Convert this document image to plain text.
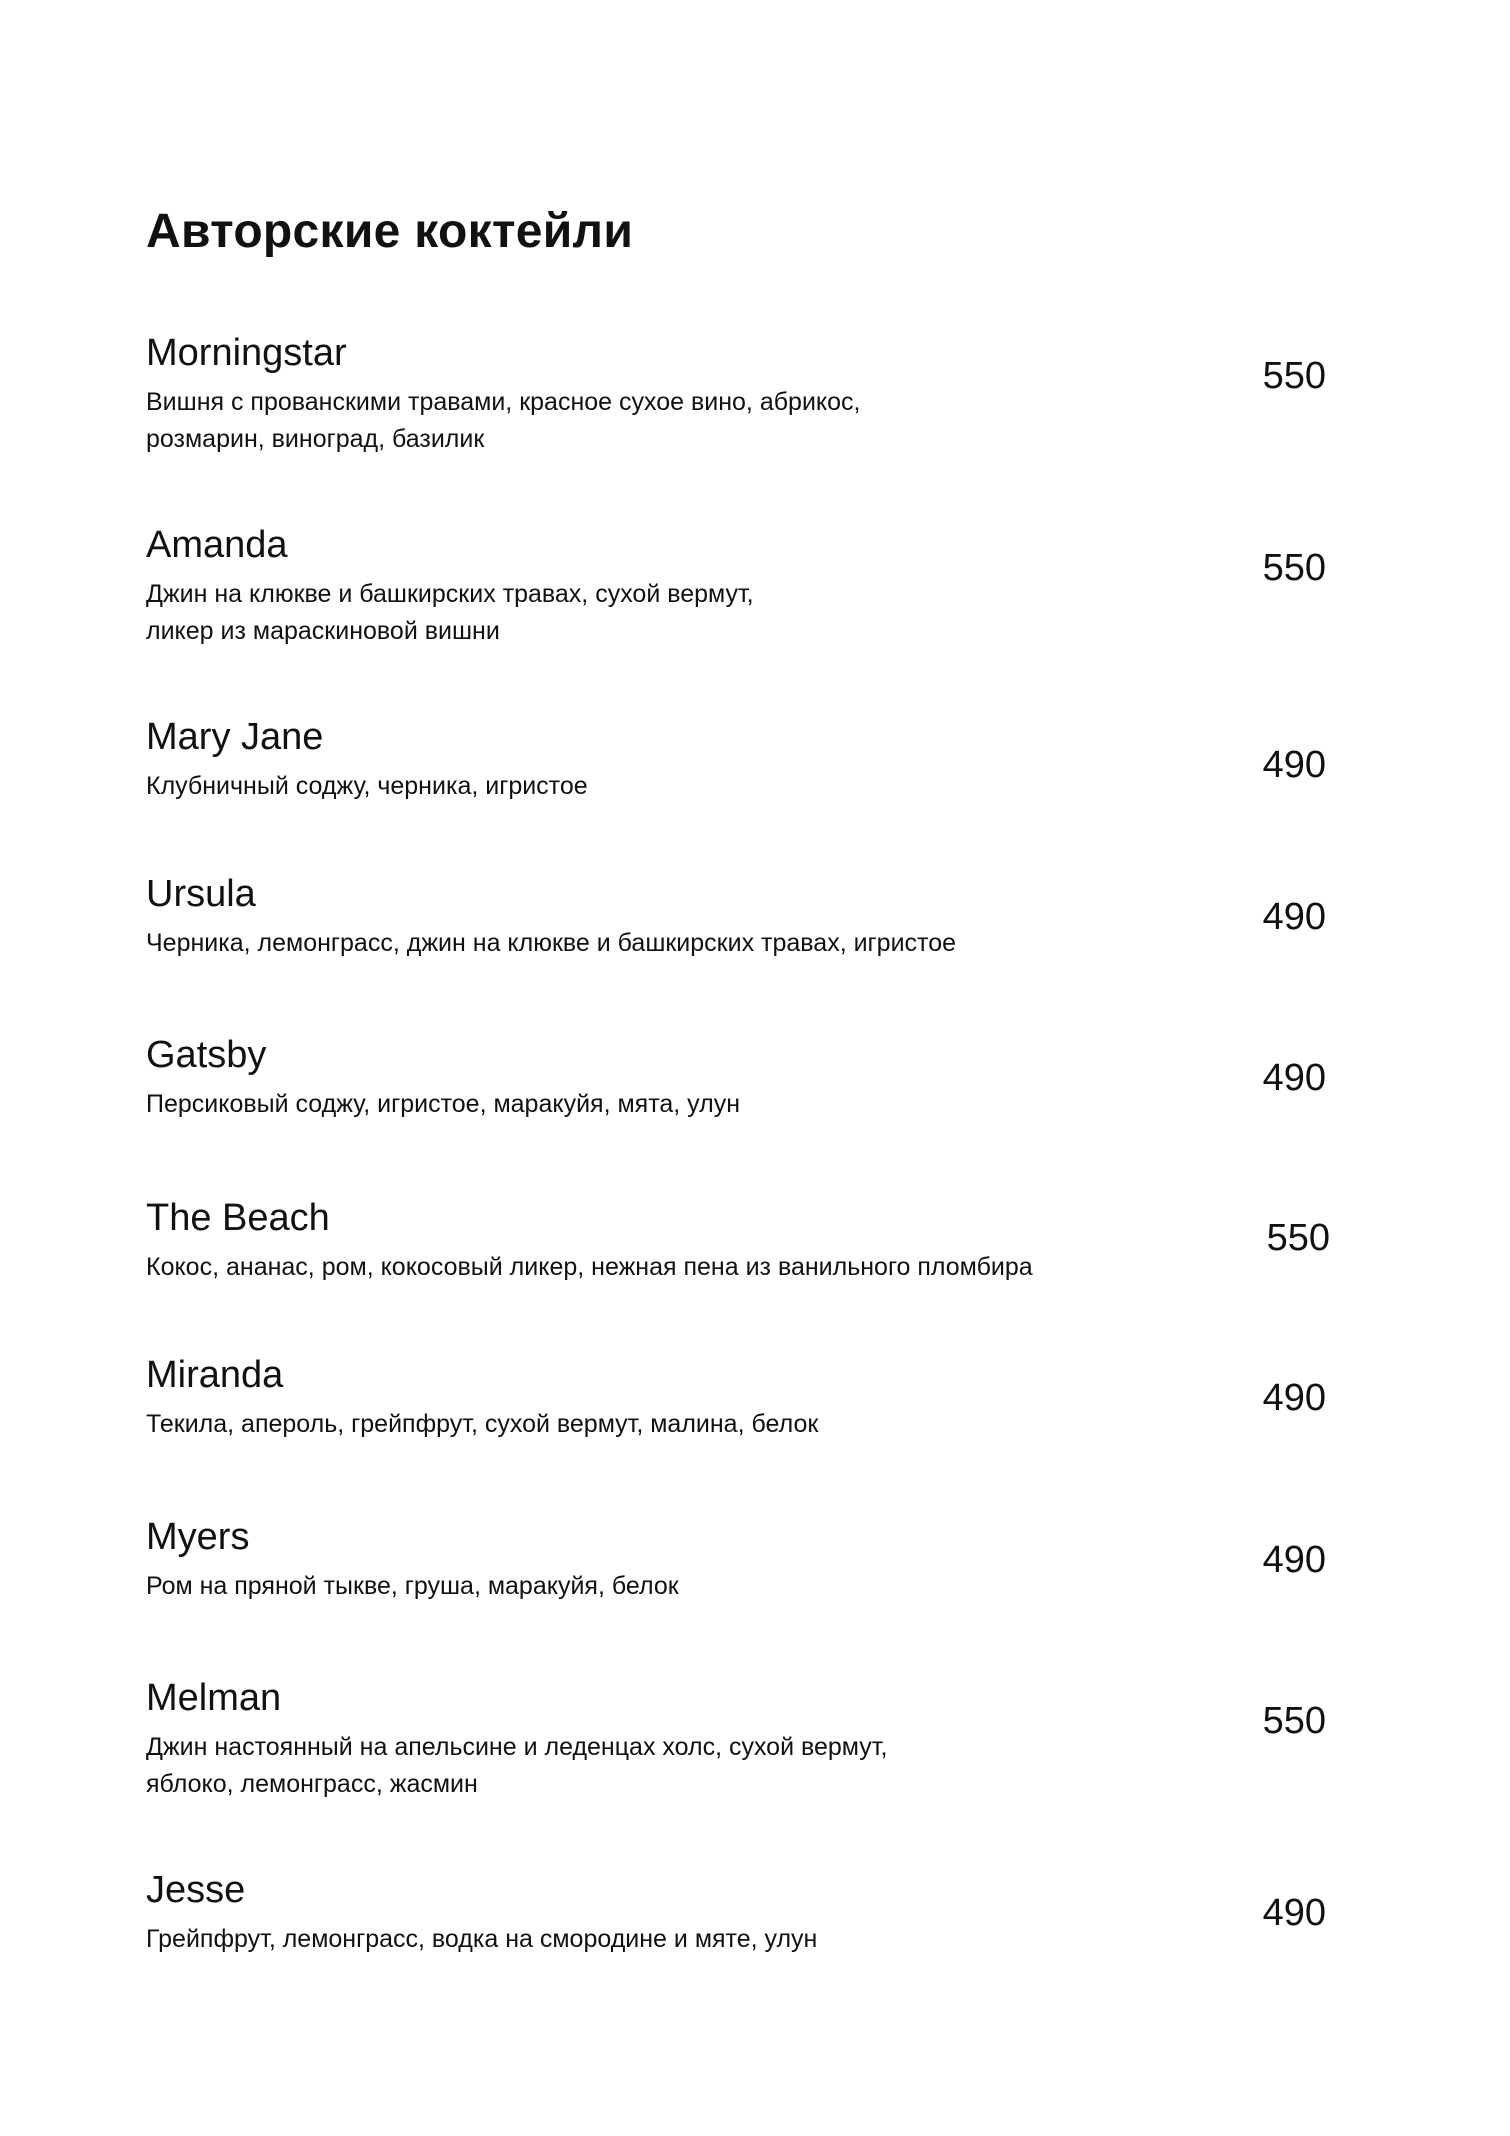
Авторские коктейли
Morningstar
Вишня с прованскими травами, красное сухое вино, абрикос,
розмарин, виноград, базилик
550
Amanda
Джин на клюкве и башкирских травах, сухой вермут,
ликер из мараскиновой вишни
550
Mary Jane
Клубничный соджу, черника, игристое	490
Ursula
Черника, лемонграсс, джин на клюкве и башкирских травах, игристое
490
Gatsby
Персиковый соджу, игристое, маракуйя, мята, улун
490
The Beach
Кокос, ананас, ром, кокосовый ликер, нежная пена из ванильного пломбира
550
Miranda
Текила, апероль, грейпфрут, сухой вермут, малина, белок
490
Myers
Ром на пряной тыкве, груша, маракуйя, белок
490
Melman
Джин настоянный на апельсине и леденцах холс, сухой вермут,
яблоко, лемонграсс, жасмин
550
Jesse
Грейпфрут, лемонграсс, водка на смородине и мяте, улун
490
